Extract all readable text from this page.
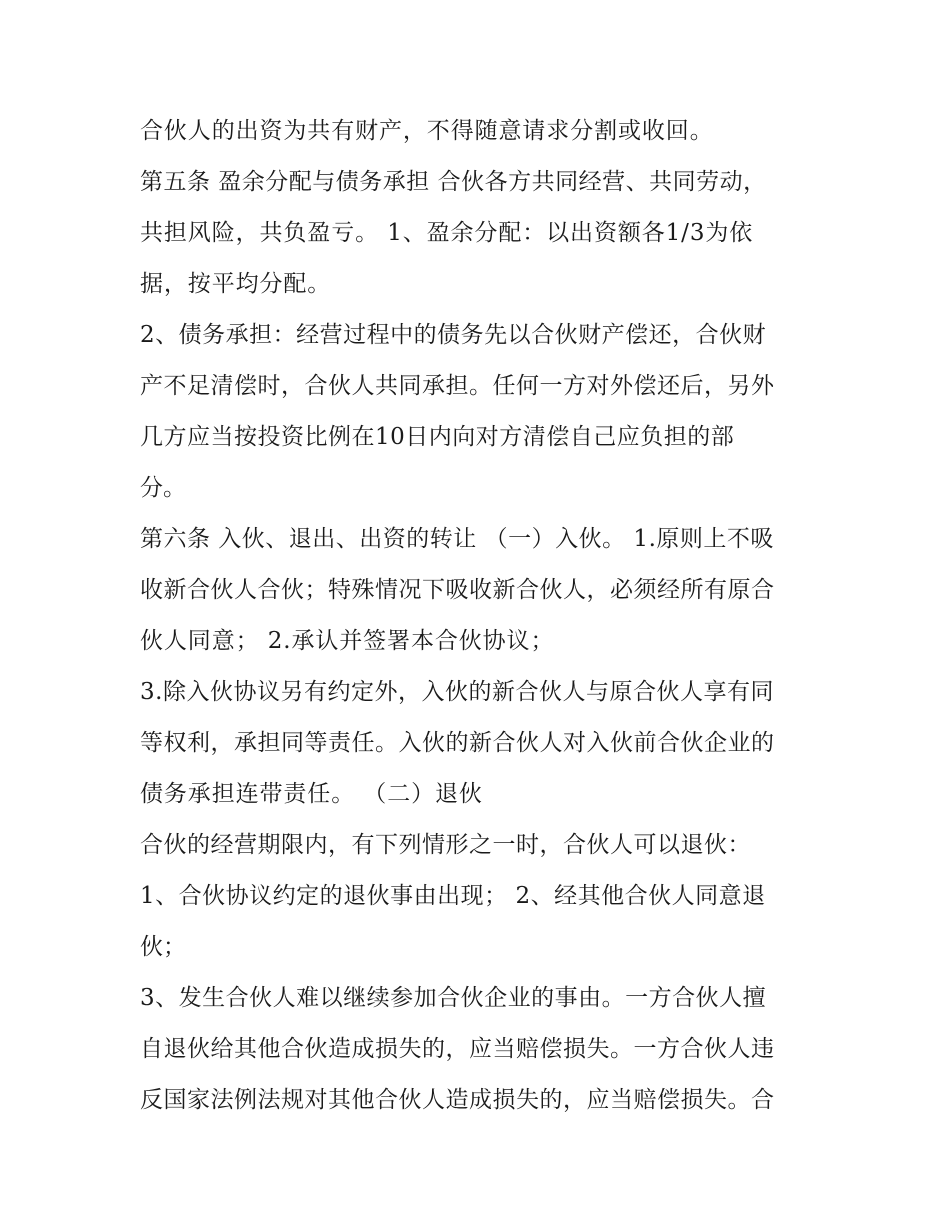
合伙人的出资为共有财产，不得随意请求分割或收回。
第五条 盈余分配与债务承担 合伙各方共同经营、共同劳动，
共担风险，共负盈亏。 1、盈余分配：以出资额各1/3为依
据，按平均分配。
2、债务承担：经营过程中的债务先以合伙财产偿还，合伙财
产不足清偿时，合伙人共同承担。任何一方对外偿还后，另外
几方应当按投资比例在10日内向对方清偿自己应负担的部
分。
第六条 入伙、退出、出资的转让 （一）入伙。 1.原则上不吸
收新合伙人合伙；特殊情况下吸收新合伙人，必须经所有原合
伙人同意； 2.承认并签署本合伙协议；
3.除入伙协议另有约定外，入伙的新合伙人与原合伙人享有同
等权利，承担同等责任。入伙的新合伙人对入伙前合伙企业的
债务承担连带责任。 （二）退伙
合伙的经营期限内，有下列情形之一时，合伙人可以退伙：
1、合伙协议约定的退伙事由出现； 2、经其他合伙人同意退
伙；
3、发生合伙人难以继续参加合伙企业的事由。一方合伙人擅
自退伙给其他合伙造成损失的，应当赔偿损失。一方合伙人违
反国家法例法规对其他合伙人造成损失的，应当赔偿损失。合
